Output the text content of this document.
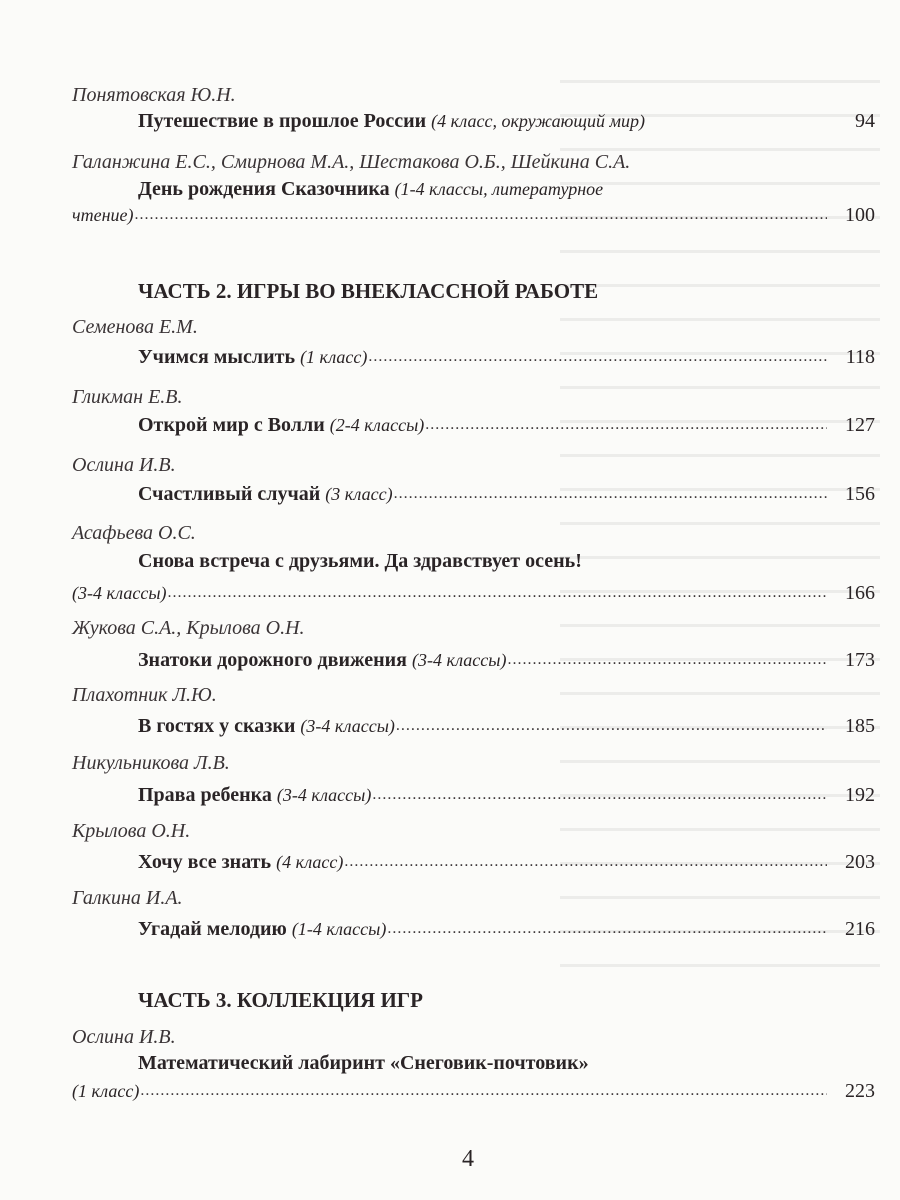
Понятовская Ю.Н.
Путешествие в прошлое России
(4 класс, окружающий мир)	94
Галанжина Е.С., Смирнова М.А., Шестакова О.Б., Шейкина С.А.
День рождения Сказочника
(1-4 классы, литературное
чтение) .....	100
ЧАСТЬ 2. ИГРЫ ВО ВНЕКЛАССНОЙ РАБОТЕ
Семенова Е.М.
Учимся мыслить
(1 класс) .....	118
Гликман Е.В.
Открой мир с Волли
(2-4 классы) .....	127
Ослина И.В.
Счастливый случай
(3 класс) .....	156
Асафьева О.С.
Снова встреча с друзьями. Да здравствует осень!
(3-4 классы) .....	166
Жукова С.А., Крылова О.Н.
Знатоки дорожного движения
(3-4 классы) .....	173
Плахотник Л.Ю.
В гостях у сказки
(3-4 классы) .....	185
Никульникова Л.В.
Права ребенка
(3-4 классы) .....	192
Крылова О.Н.
Хочу все знать
(4 класс) .....	203
Галкина И.А.
Угадай мелодию
(1-4 классы) .....	216
ЧАСТЬ 3. КОЛЛЕКЦИЯ ИГР
Ослина И.В.
Математический лабиринт «Снеговик-почтовик»
(1 класс) .....	223
4
